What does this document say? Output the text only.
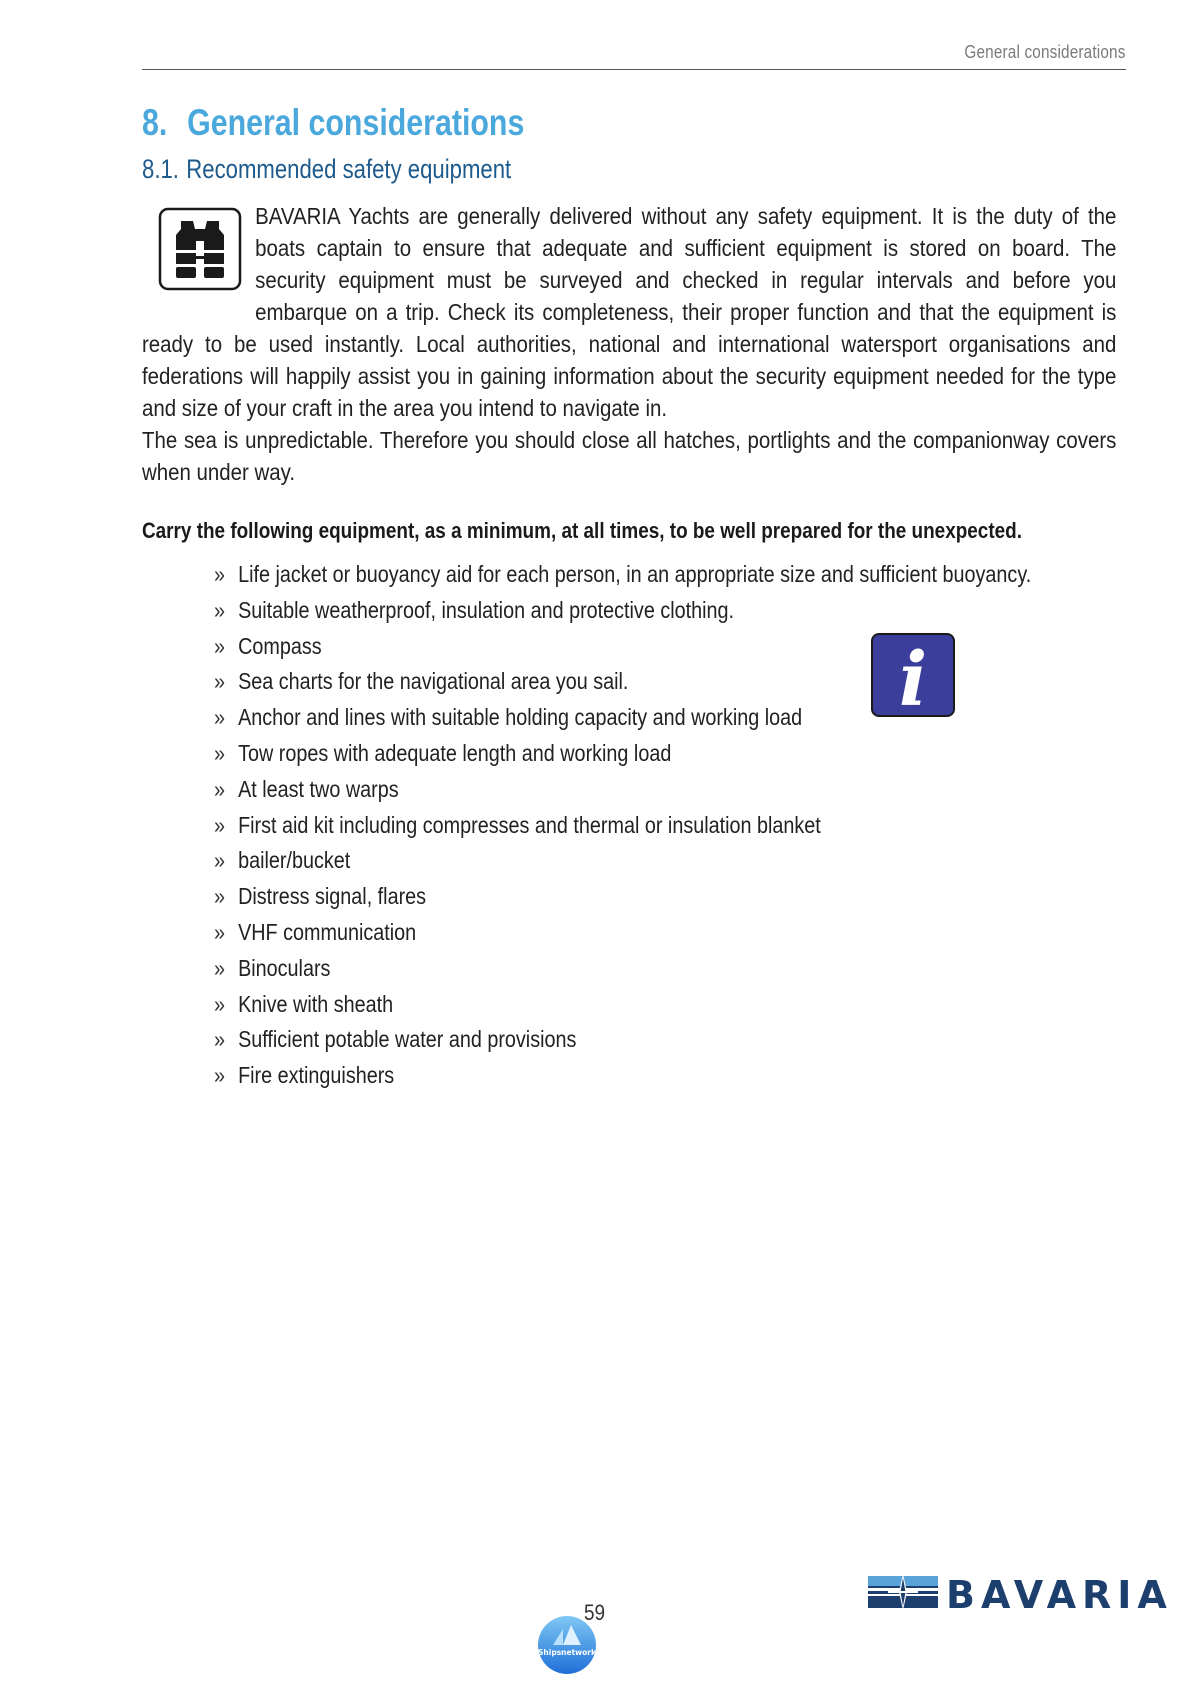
General considerations
8. General considerations
8.1. Recommended safety equipment

BAVARIA Yachts are generally delivered without any safety equipment. It is the duty of the boats captain to ensure that adequate and sufficient equipment is stored on board. The security equipment must be surveyed and checked in regular intervals and before you embarque on a trip. Check its completeness, their proper function and that the equipment is ready to be used instantly. Local authorities, national and international watersport organisations and federations will happily assist you in gaining information about the security equipment needed for the type and size of your craft in the area you intend to navigate in.

The sea is unpredictable. Therefore you should close all hatches, portlights and the companionway covers when under way.

Carry the following equipment, as a minimum, at all times, to be well prepared for the unexpected.
» Life jacket or buoyancy aid for each person, in an appropriate size and sufficient buoyancy.
» Suitable weatherproof, insulation and protective clothing.
» Compass
» Sea charts for the navigational area you sail.
» Anchor and lines with suitable holding capacity and working load
» Tow ropes with adequate length and working load
» At least two warps
» First aid kit including compresses and thermal or insulation blanket
» bailer/bucket
» Distress signal, flares
» VHF communication
» Binoculars
» Knive with sheath
» Sufficient potable water and provisions
» Fire extinguishers
i
59	BAVARIA
Shipsnetwork
